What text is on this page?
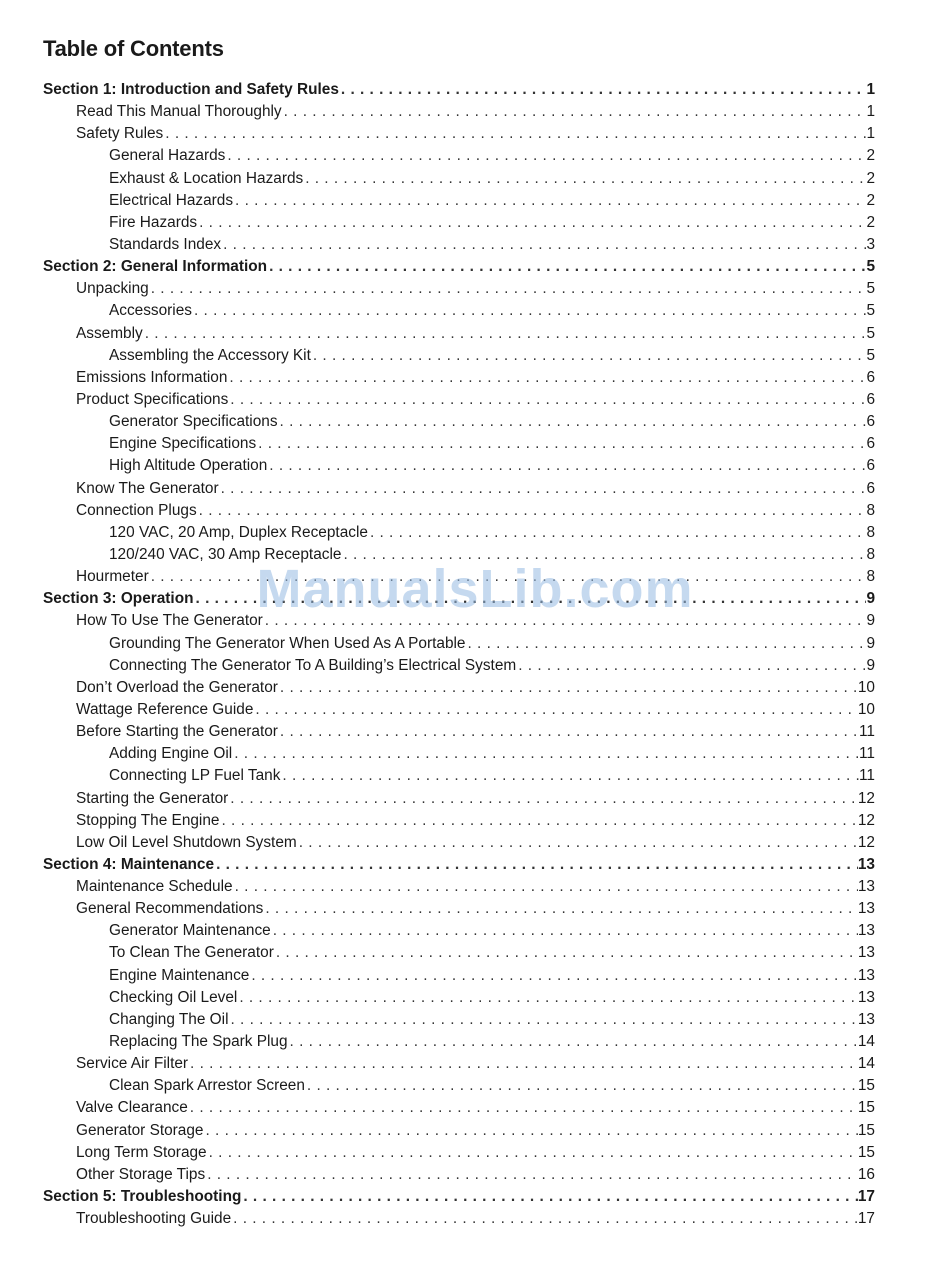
Table of Contents
Section 1: Introduction and Safety Rules . . .	1
Read This Manual Thoroughly . . .	1
Safety Rules . . .	1
General Hazards . . .	2
Exhaust & Location Hazards . . .	2
Electrical Hazards . . .	2
Fire Hazards . . .	2
Standards Index . . .	3
Section 2: General Information . . .	5
Unpacking . . .	5
Accessories . . .	5
Assembly . . .	5
Assembling the Accessory Kit . . .	5
Emissions Information . . .	6
Product Specifications . . .	6
Generator Specifications . . .	6
Engine Specifications . . .	6
High Altitude Operation . . .	6
Know The Generator . . .	6
Connection Plugs . . .	8
120 VAC, 20 Amp, Duplex Receptacle . . .	8
120/240 VAC, 30 Amp Receptacle . . .	8
Hourmeter . . .	8
Section 3: Operation . . .	9
How To Use The Generator . . .	9
Grounding The Generator When Used As A Portable . . .	9
Connecting The Generator To A Building’s Electrical System . . .	9
Don’t Overload the Generator . . .	10
Wattage Reference Guide . . .	10
Before Starting the Generator . . .	11
Adding Engine Oil . . .	11
Connecting LP Fuel Tank . . .	11
Starting the Generator . . .	12
Stopping The Engine . . .	12
Low Oil Level Shutdown System . . .	12
Section 4: Maintenance . . .	13
Maintenance Schedule . . .	13
General Recommendations . . .	13
Generator Maintenance . . .	13
To Clean The Generator . . .	13
Engine Maintenance . . .	13
Checking Oil Level . . .	13
Changing The Oil . . .	13
Replacing The Spark Plug . . .	14
Service Air Filter . . .	14
Clean Spark Arrestor Screen . . .	15
Valve Clearance . . .	15
Generator Storage . . .	15
Long Term Storage . . .	15
Other Storage Tips . . .	16
Section 5: Troubleshooting . . .	17
Troubleshooting Guide . . .	17
ManualsLib.com
